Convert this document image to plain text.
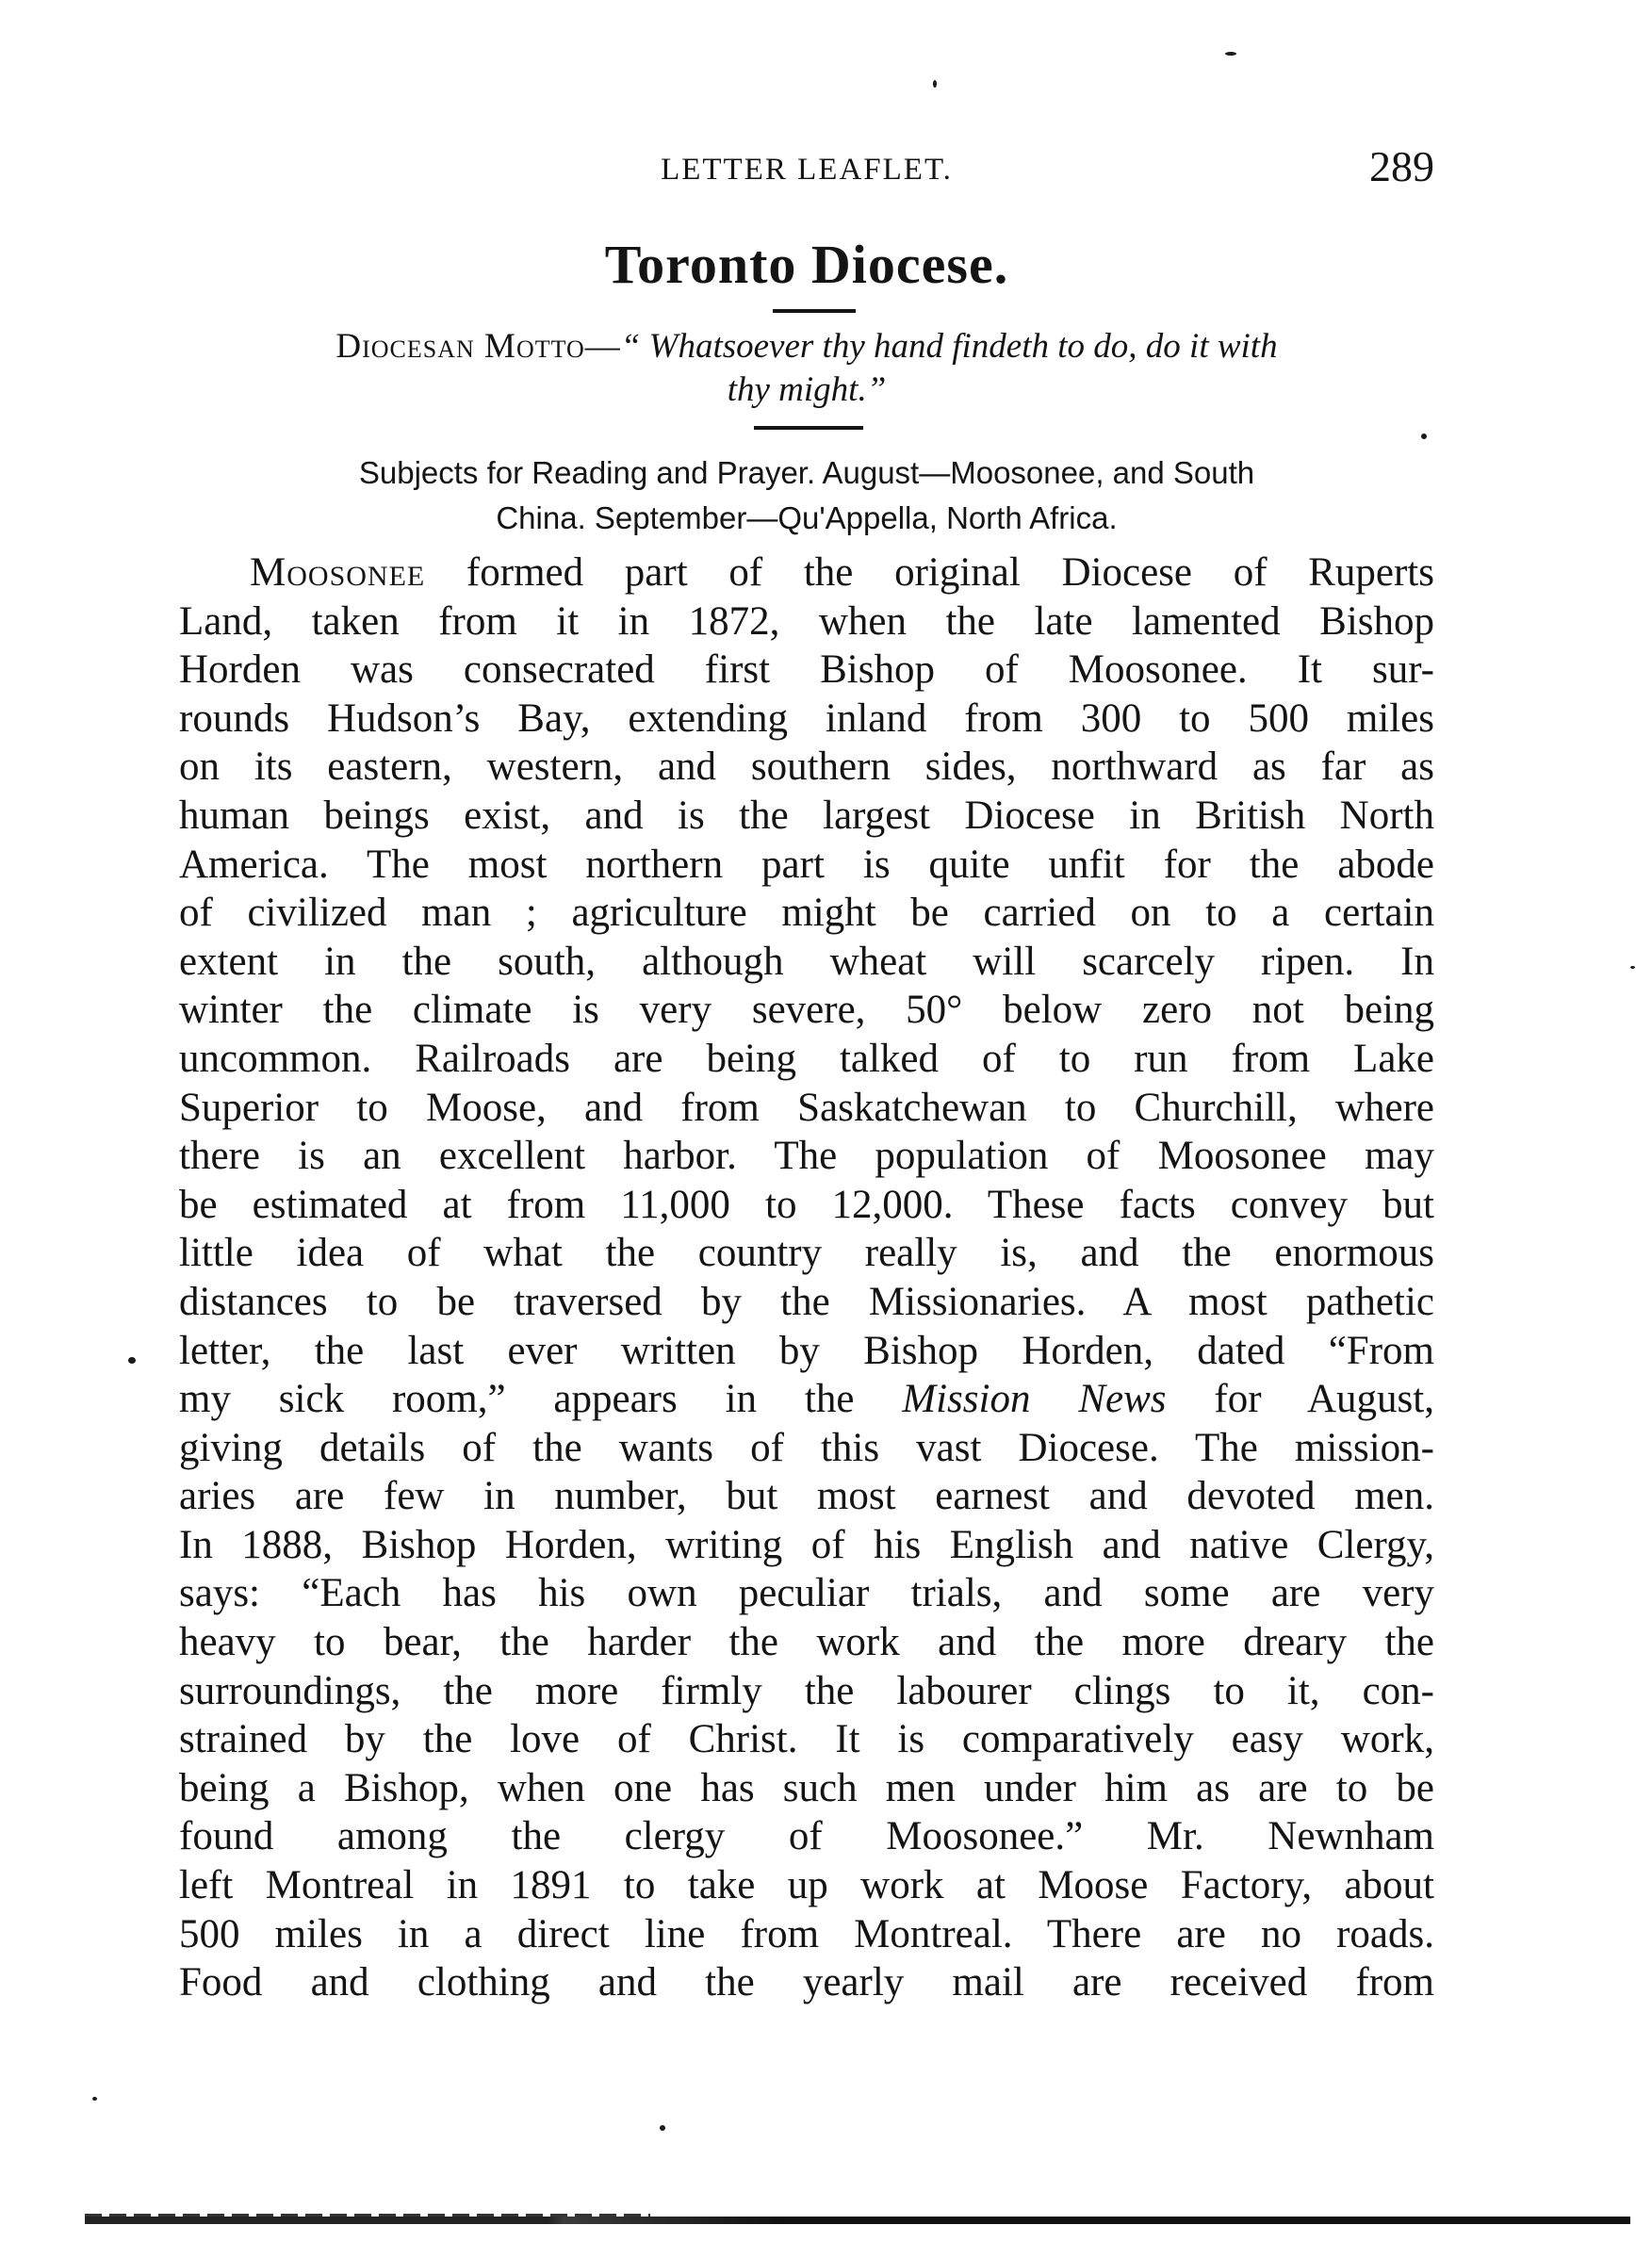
LETTER LEAFLET.	289
Toronto Diocese.
Diocesan Motto—“ Whatsoever thy hand findeth to do, do it with
thy might.”
Subjects for Reading and Prayer. August—Moosonee, and South
China. September—Qu'Appella, North Africa.
Moosonee formed part of the original Diocese of Ruperts
Land, taken from it in 1872, when the late lamented Bishop
Horden was consecrated first Bishop of Moosonee. It sur-
rounds Hudson’s Bay, extending inland from 300 to 500 miles
on its eastern, western, and southern sides, northward as far as
human beings exist, and is the largest Diocese in British North
America. The most northern part is quite unfit for the abode
of civilized man ; agriculture might be carried on to a certain
extent in the south, although wheat will scarcely ripen. In
winter the climate is very severe, 50° below zero not being
uncommon. Railroads are being talked of to run from Lake
Superior to Moose, and from Saskatchewan to Churchill, where
there is an excellent harbor. The population of Moosonee may
be estimated at from 11,000 to 12,000. These facts convey but
little idea of what the country really is, and the enormous
distances to be traversed by the Missionaries. A most pathetic
letter, the last ever written by Bishop Horden, dated “From
my sick room,” appears in the Mission News for August,
giving details of the wants of this vast Diocese. The mission-
aries are few in number, but most earnest and devoted men.
In 1888, Bishop Horden, writing of his English and native Clergy,
says: “Each has his own peculiar trials, and some are very
heavy to bear, the harder the work and the more dreary the
surroundings, the more firmly the labourer clings to it, con-
strained by the love of Christ. It is comparatively easy work,
being a Bishop, when one has such men under him as are to be
found among the clergy of Moosonee.” Mr. Newnham
left Montreal in 1891 to take up work at Moose Factory, about
500 miles in a direct line from Montreal. There are no roads.
Food and clothing and the yearly mail are received from
